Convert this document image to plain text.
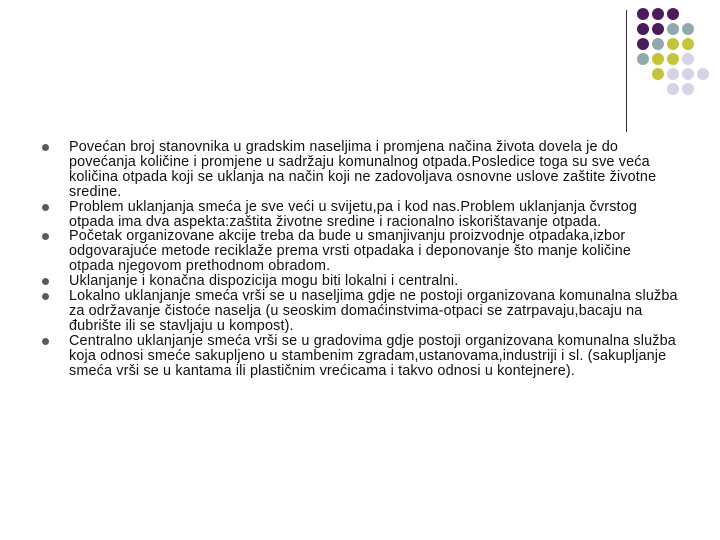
Povećan broj stanovnika u gradskim naseljima i promjena načina života dovela je do povećanja količine i promjene u sadržaju komunalnog otpada.Posledice toga su sve veća količina otpada koji se uklanja na način koji ne zadovoljava osnovne uslove zaštite životne sredine.
Problem uklanjanja smeća je sve veći u svijetu,pa i kod nas.Problem uklanjanja čvrstog otpada ima dva aspekta:zaštita životne sredine i racionalno iskorištavanje otpada.
Početak organizovane akcije treba da bude u smanjivanju proizvodnje otpadaka,izbor odgovarajuće metode reciklaže prema vrsti otpadaka i deponovanje što manje količine otpada njegovom prethodnom obradom.
Uklanjanje i konačna dispozicija mogu biti lokalni i centralni.
Lokalno uklanjanje smeća vrši se u naseljima gdje ne postoji organizovana komunalna služba za održavanje čistoće naselja (u seoskim domaćinstvima-otpaci se zatrpavaju,bacaju na đubrište ili se stavljaju u kompost).
Centralno uklanjanje smeća vrši se u gradovima gdje postoji organizovana komunalna služba koja odnosi smeće sakupljeno u stambenim zgradam,ustanovama,industriji i sl. (sakupljanje smeća vrši se u kantama ili plastičnim vrećicama i takvo odnosi u kontejnere).
